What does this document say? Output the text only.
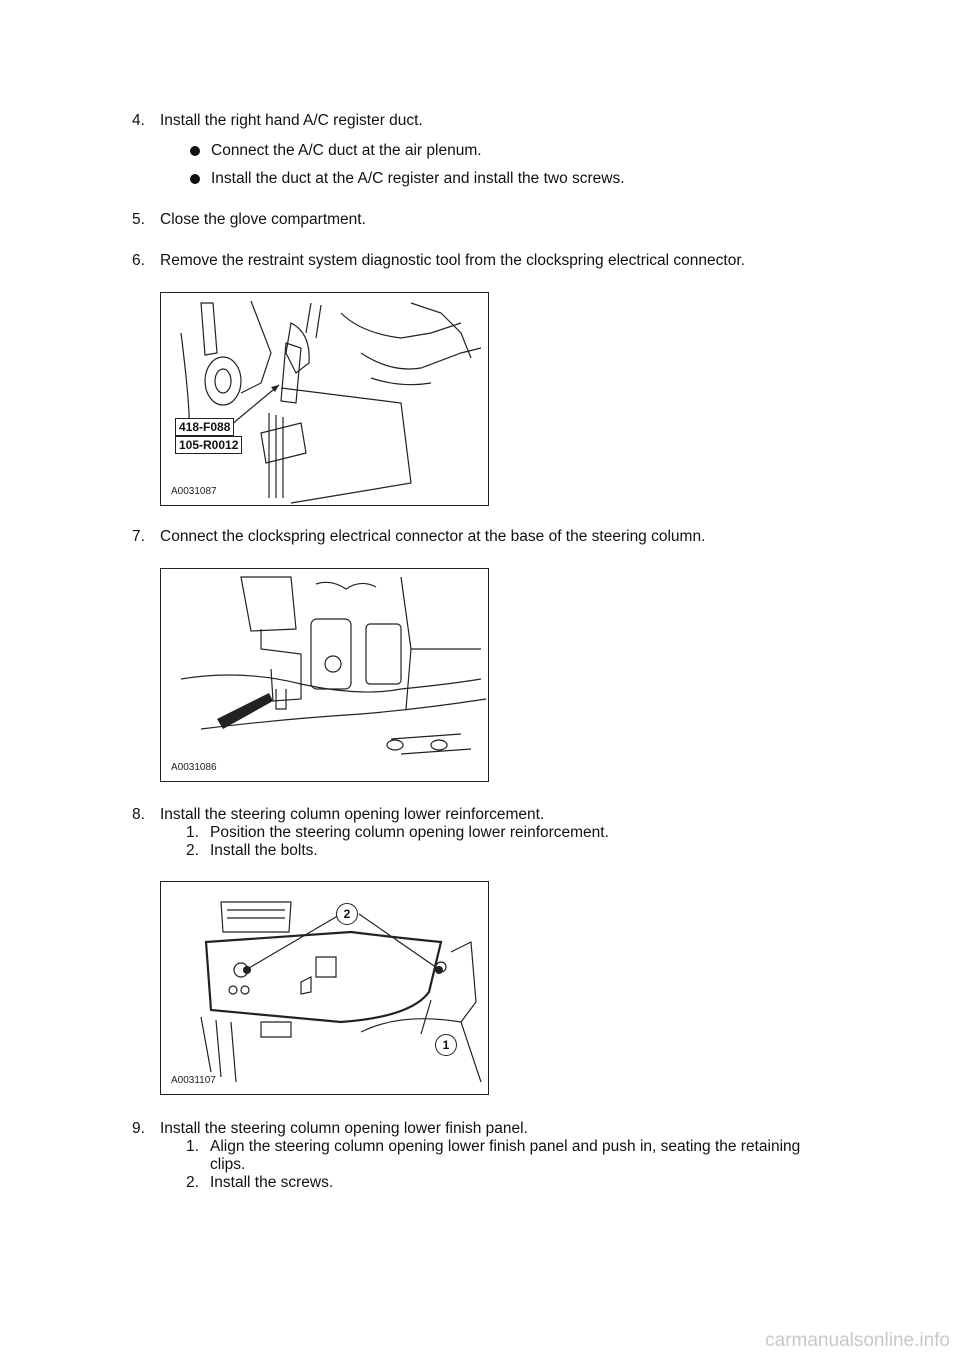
4. Install the right hand A/C register duct.
Connect the A/C duct at the air plenum.
Install the duct at the A/C register and install the two screws.
5. Close the glove compartment.
6. Remove the restraint system diagnostic tool from the clockspring electrical connector.
418-F088
105-R0012
A0031087
7. Connect the clockspring electrical connector at the base of the steering column.
A0031086
8. Install the steering column opening lower reinforcement.
1. Position the steering column opening lower reinforcement.
2. Install the bolts.
2
1
A0031107
9. Install the steering column opening lower finish panel.
1. Align the steering column opening lower finish panel and push in, seating the retaining
clips.
2. Install the screws.
carmanualsonline.info
